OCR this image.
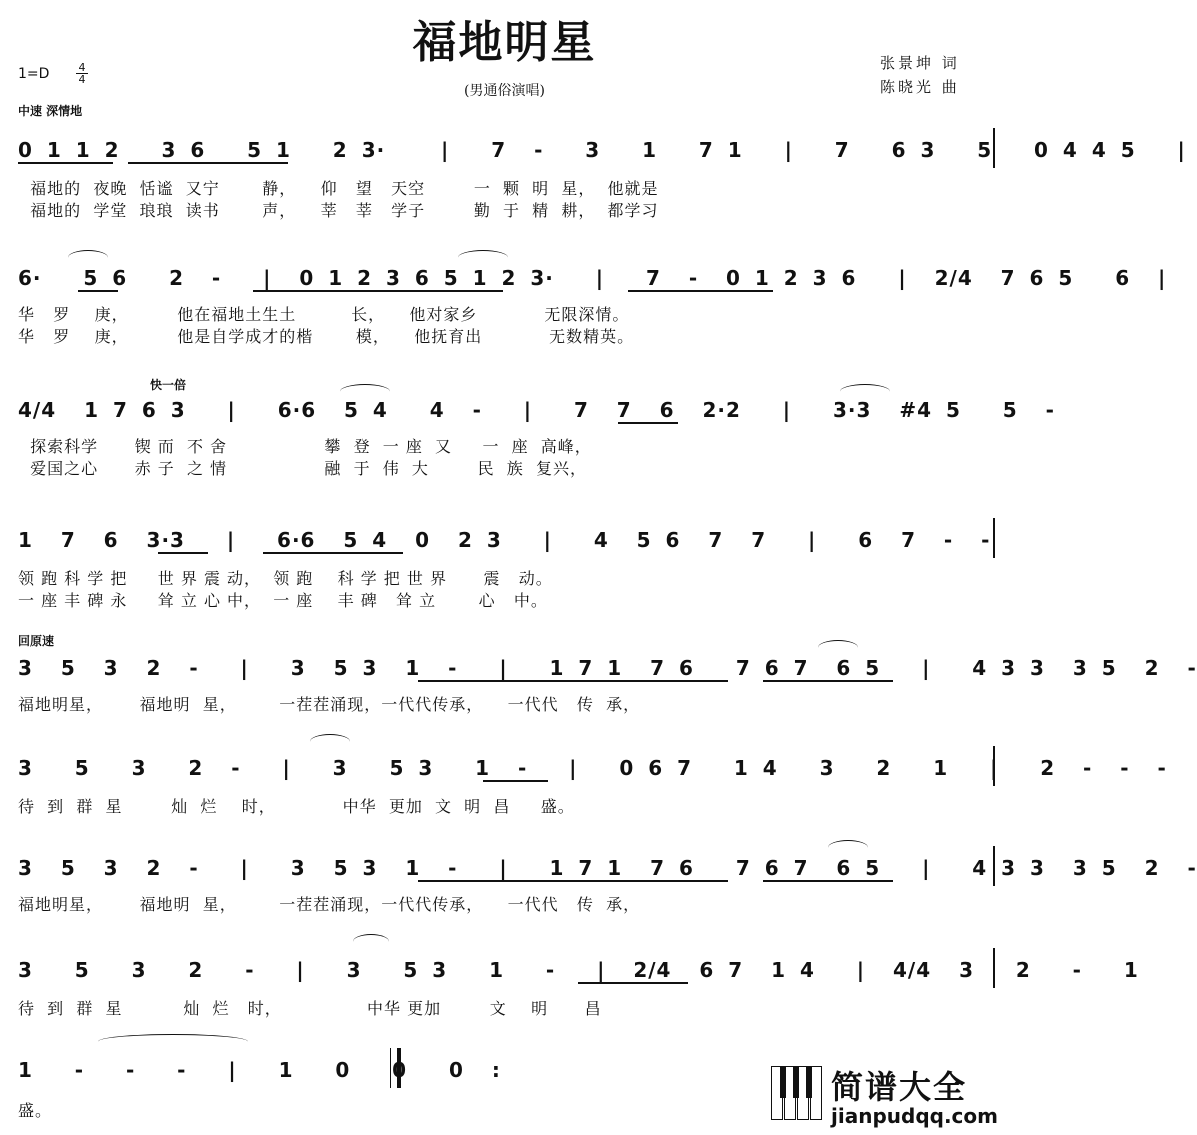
福地明星
(男通俗演唱)
张景坤 词
陈晓光 曲
1=D	4
4
中速 深情地
0 1 1 2   3 6   5 1   2 3·    |   7  -   3   1   7 1   |   7   6 3   5   0 4 4 5   |
福地的  夜晚  恬谧  又宁       静，    仰   望   天空        一  颗  明  星，  他就是
福地的  学堂  琅琅  读书       声，    莘   莘   学子        勤  于  精  耕，  都学习
6·   5 6   2  -   |  0 1 2 3 6 5 1 2 3·   |   7  -  0 1 2 3 6   |  2/4  7 6 5   6  |
华   罗    庚，        他在福地土生土         长，    他对家乡           无限深情。
华   罗    庚，        他是自学成才的楷       模，    他抚育出           无数精英。
快一倍
4/4  1 7 6 3   |   6·6  5 4   4  -   |   7  7  6  2·2   |   3·3  #4 5   5  -
探索科学      锲 而  不 舍                攀  登  一 座  又     一  座  高峰，
爱国之心      赤 子  之 情                融  于  伟  大        民  族  复兴，
1  7  6  3·3   |   6·6  5 4  0  2 3   |   4  5 6  7  7   |   6  7  -  -
领 跑 科 学 把     世 界 震 动，  领 跑    科 学 把 世 界      震   动。
一 座 丰 碑 永     耸 立 心 中，  一 座    丰 碑   耸 立       心   中。
回原速
3  5  3  2  -   |   3  5 3  1  -   |   1 7 1  7 6   7 6 7  6 5   |   4 3 3  3 5  2  -
福地明星，      福地明  星，       一茬茬涌现，一代代传承，    一代代   传  承，
3   5   3   2  -   |   3   5 3   1  -   |   0 6 7   1 4   3   2   1   |   2  -  -  -
待  到  群  星        灿  烂    时，           中华  更加  文  明  昌     盛。
3  5  3  2  -   |   3  5 3  1  -   |   1 7 1  7 6   7 6 7  6 5   |   4 3 3  3 5  2  -
福地明星，      福地明  星，       一茬茬涌现，一代代传承，    一代代   传  承，
3   5   3   2   -   |   3   5 3   1   -   |  2/4  6 7  1 4   |  4/4  3   2   -   1
待  到  群  星          灿  烂   时，              中华 更加        文    明      昌
1   -   -   -   |   1   0   0   0  :
盛。
简谱大全
jianpudqq.com
